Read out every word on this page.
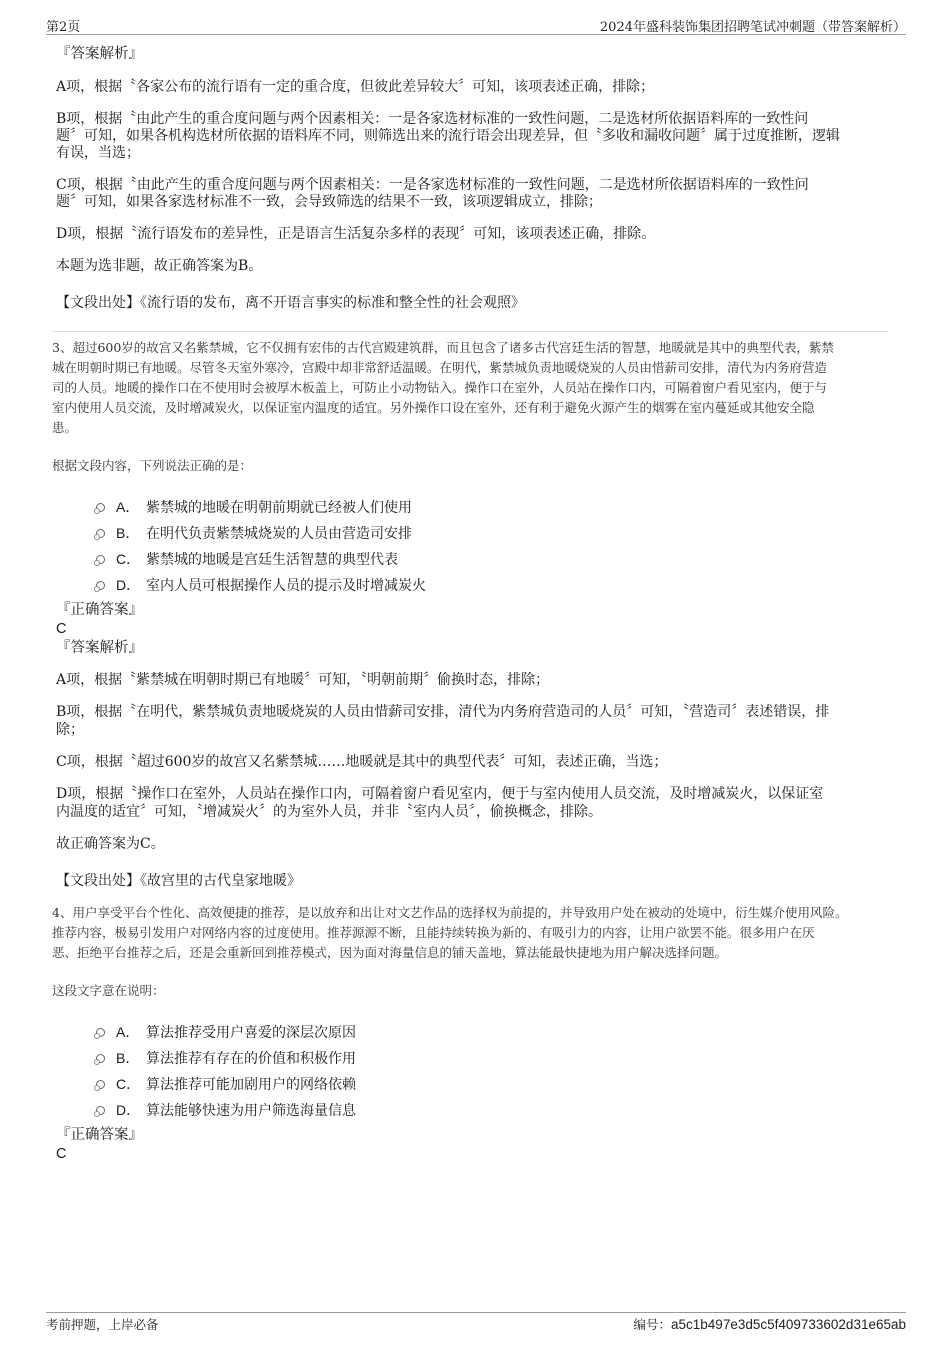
第2页	2024年盛科装饰集团招聘笔试冲刺题（带答案解析）
『答案解析』

A项，根据〝各家公布的流行语有一定的重合度，但彼此差异较大〞可知，该项表述正确，排除；

B项，根据〝由此产生的重合度问题与两个因素相关：一是各家选材标准的一致性问题，二是选材所依据语料库的一致性问

题〞可知，如果各机构选材所依据的语料库不同，则筛选出来的流行语会出现差异，但〝多收和漏收问题〞属于过度推断，逻辑

有误，当选；

C项，根据〝由此产生的重合度问题与两个因素相关：一是各家选材标准的一致性问题，二是选材所依据语料库的一致性问

题〞可知，如果各家选材标准不一致，会导致筛选的结果不一致，该项逻辑成立，排除；

D项，根据〝流行语发布的差异性，正是语言生活复杂多样的表现〞可知，该项表述正确，排除。

本题为选非题，故正确答案为B。

【文段出处】《流行语的发布，离不开语言事实的标准和整全性的社会观照》

3、超过600岁的故宫又名紫禁城，它不仅拥有宏伟的古代宫殿建筑群，而且包含了诸多古代宫廷生活的智慧，地暖就是其中的典型代表，紫禁

城在明朝时期已有地暖。尽管冬天室外寒冷，宫殿中却非常舒适温暖。在明代，紫禁城负责地暖烧炭的人员由惜薪司安排，清代为内务府营造

司的人员。地暖的操作口在不使用时会被厚木板盖上，可防止小动物钻入。操作口在室外，人员站在操作口内，可隔着窗户看见室内，便于与

室内使用人员交流，及时增减炭火，以保证室内温度的适宜。另外操作口设在室外，还有利于避免火源产生的烟雾在室内蔓延或其他安全隐

患。

根据文段内容，下列说法正确的是：

A． 紫禁城的地暖在明朝前期就已经被人们使用
B． 在明代负责紫禁城烧炭的人员由营造司安排
C． 紫禁城的地暖是宫廷生活智慧的典型代表
D． 室内人员可根据操作人员的提示及时增减炭火
『正确答案』
C
『答案解析』

A项，根据〝紫禁城在明朝时期已有地暖〞可知，〝明朝前期〞偷换时态，排除；

B项，根据〝在明代，紫禁城负责地暖烧炭的人员由惜薪司安排，清代为内务府营造司的人员〞可知，〝营造司〞表述错误，排

除；

C项，根据〝超过600岁的故宫又名紫禁城……地暖就是其中的典型代表〞可知，表述正确，当选；

D项，根据〝操作口在室外，人员站在操作口内，可隔着窗户看见室内，便于与室内使用人员交流，及时增减炭火，以保证室

内温度的适宜〞可知，〝增减炭火〞的为室外人员，并非〝室内人员〞，偷换概念，排除。

故正确答案为C。

【文段出处】《故宫里的古代皇家地暖》

4、用户享受平台个性化、高效便捷的推荐，是以放弃和出让对文艺作品的选择权为前提的，并导致用户处在被动的处境中，衍生媒介使用风险。

推荐内容，极易引发用户对网络内容的过度使用。推荐源源不断，且能持续转换为新的、有吸引力的内容，让用户欲罢不能。很多用户在厌

恶、拒绝平台推荐之后，还是会重新回到推荐模式，因为面对海量信息的铺天盖地，算法能最快捷地为用户解决选择问题。

这段文字意在说明：

A． 算法推荐受用户喜爱的深层次原因
B． 算法推荐有存在的价值和积极作用
C． 算法推荐可能加剧用户的网络依赖
D． 算法能够快速为用户筛选海量信息
『正确答案』
C
考前押题，上岸必备	编号：a5c1b497e3d5c5f409733602d31e65ab
